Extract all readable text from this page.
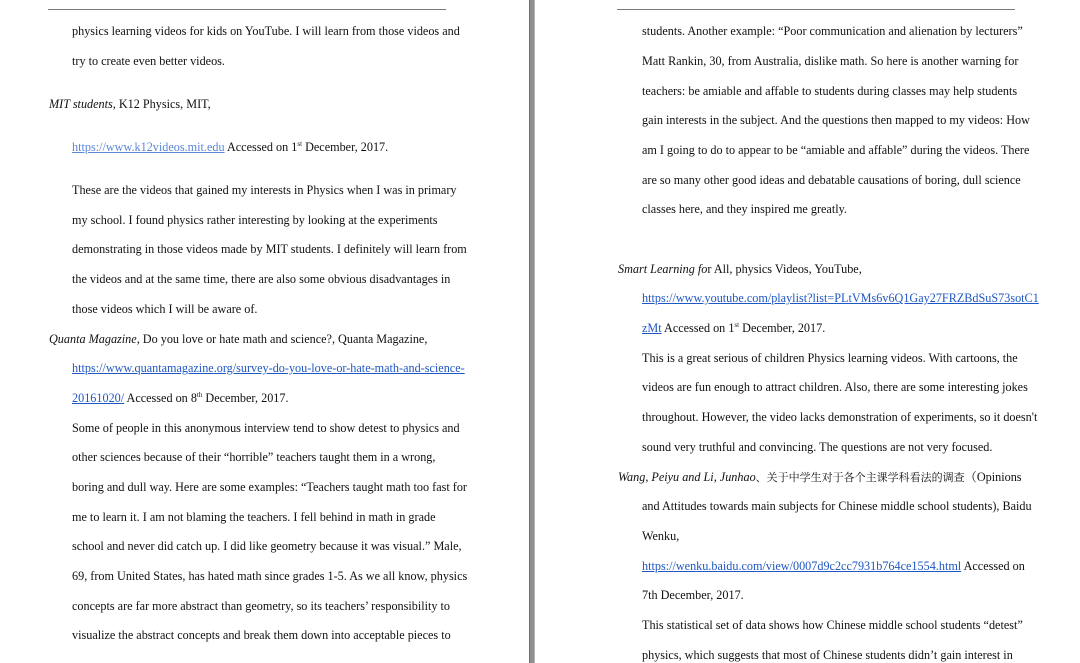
physics learning videos for kids on YouTube. I will learn from those videos and
try to create even better videos.
MIT students, K12 Physics, MIT,
https://www.k12videos.mit.edu Accessed on 1st December, 2017.
These are the videos that gained my interests in Physics when I was in primary
my school. I found physics rather interesting by looking at the experiments
demonstrating in those videos made by MIT students. I definitely will learn from
the videos and at the same time, there are also some obvious disadvantages in
those videos which I will be aware of.
Quanta Magazine, Do you love or hate math and science?, Quanta Magazine,
https://www.quantamagazine.org/survey-do-you-love-or-hate-math-and-science-
20161020/ Accessed on 8th December, 2017.
Some of people in this anonymous interview tend to show detest to physics and
other sciences because of their “horrible” teachers taught them in a wrong,
boring and dull way. Here are some examples: “Teachers taught math too fast for
me to learn it. I am not blaming the teachers. I fell behind in math in grade
school and never did catch up. I did like geometry because it was visual.” Male,
69, from United States, has hated math since grades 1-5. As we all know, physics
concepts are far more abstract than geometry, so its teachers’ responsibility to
visualize the abstract concepts and break them down into acceptable pieces to
students. Another example: “Poor communication and alienation by lecturers”
Matt Rankin, 30, from Australia, dislike math. So here is another warning for
teachers: be amiable and affable to students during classes may help students
gain interests in the subject. And the questions then mapped to my videos: How
am I going to do to appear to be “amiable and affable” during the videos. There
are so many other good ideas and debatable causations of boring, dull science
classes here, and they inspired me greatly.
Smart Learning for All, physics Videos, YouTube,
https://www.youtube.com/playlist?list=PLtVMs6v6Q1Gay27FRZBdSuS73sotC1
zMt Accessed on 1st December, 2017.
This is a great serious of children Physics learning videos. With cartoons, the
videos are fun enough to attract children. Also, there are some interesting jokes
throughout. However, the video lacks demonstration of experiments, so it doesn't
sound very truthful and convincing. The questions are not very focused.
Wang, Peiyu and Li, Junhao、关于中学生对于各个主课学科看法的调查（Opinions
and Attitudes towards main subjects for Chinese middle school students), Baidu
Wenku,
https://wenku.baidu.com/view/0007d9c2cc7931b764ce1554.html Accessed on
7th December, 2017.
This statistical set of data shows how Chinese middle school students “detest”
physics, which suggests that most of Chinese students didn’t gain interest in
